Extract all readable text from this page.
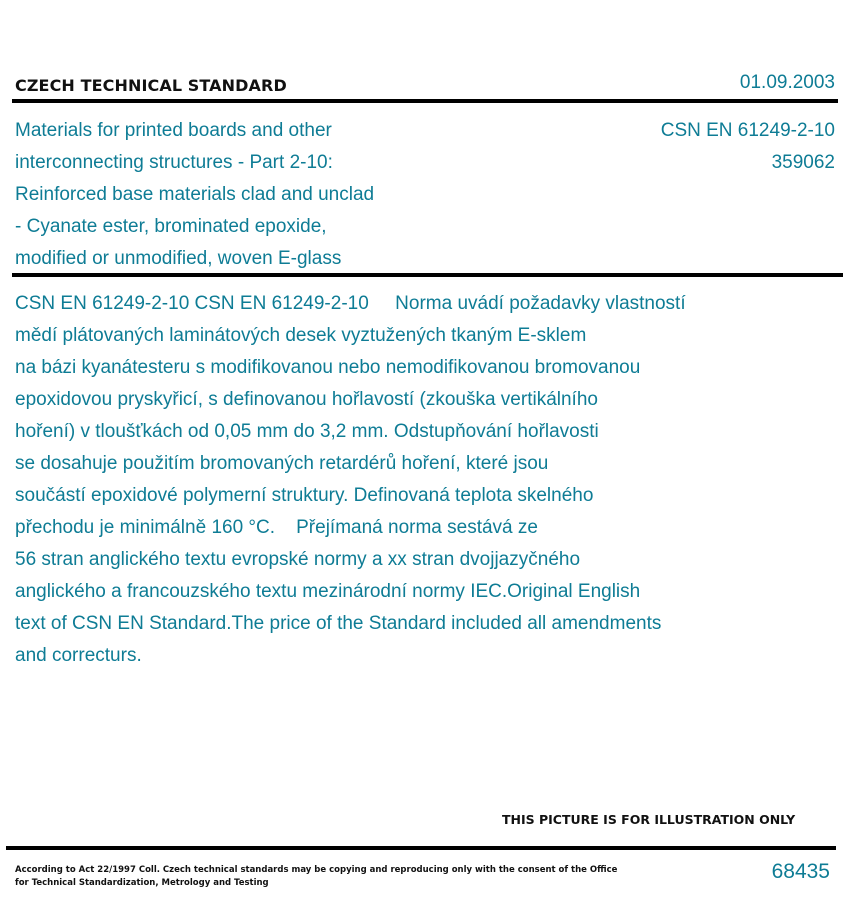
CZECH TECHNICAL STANDARD	01.09.2003
Materials for printed boards and other
interconnecting structures - Part 2-10:
Reinforced base materials clad and unclad
- Cyanate ester, brominated epoxide,
modified or unmodified, woven E-glass
CSN EN 61249-2-10
359062
CSN EN 61249-2-10 CSN EN 61249-2-10     Norma uvádí požadavky vlastností
mědí plátovaných laminátových desek vyztužených tkaným E-sklem
na bázi kyanátesteru s modifikovanou nebo nemodifikovanou bromovanou
epoxidovou pryskyřicí, s definovanou hořlavostí (zkouška vertikálního
hoření) v tloušťkách od 0,05 mm do 3,2 mm. Odstupňování hořlavosti
se dosahuje použitím bromovaných retardérů hoření, které jsou
součástí epoxidové polymerní struktury. Definovaná teplota skelného
přechodu je minimálně 160 °C.    Přejímaná norma sestává ze
56 stran anglického textu evropské normy a xx stran dvojjazyčného
anglického a francouzského textu mezinárodní normy IEC.Original English
text of CSN EN Standard.The price of the Standard included all amendments
and correcturs.
THIS PICTURE IS FOR ILLUSTRATION ONLY
According to Act 22/1997 Coll. Czech technical standards may be copying and reproducing only with the consent of the Office
for Technical Standardization, Metrology and Testing	68435
